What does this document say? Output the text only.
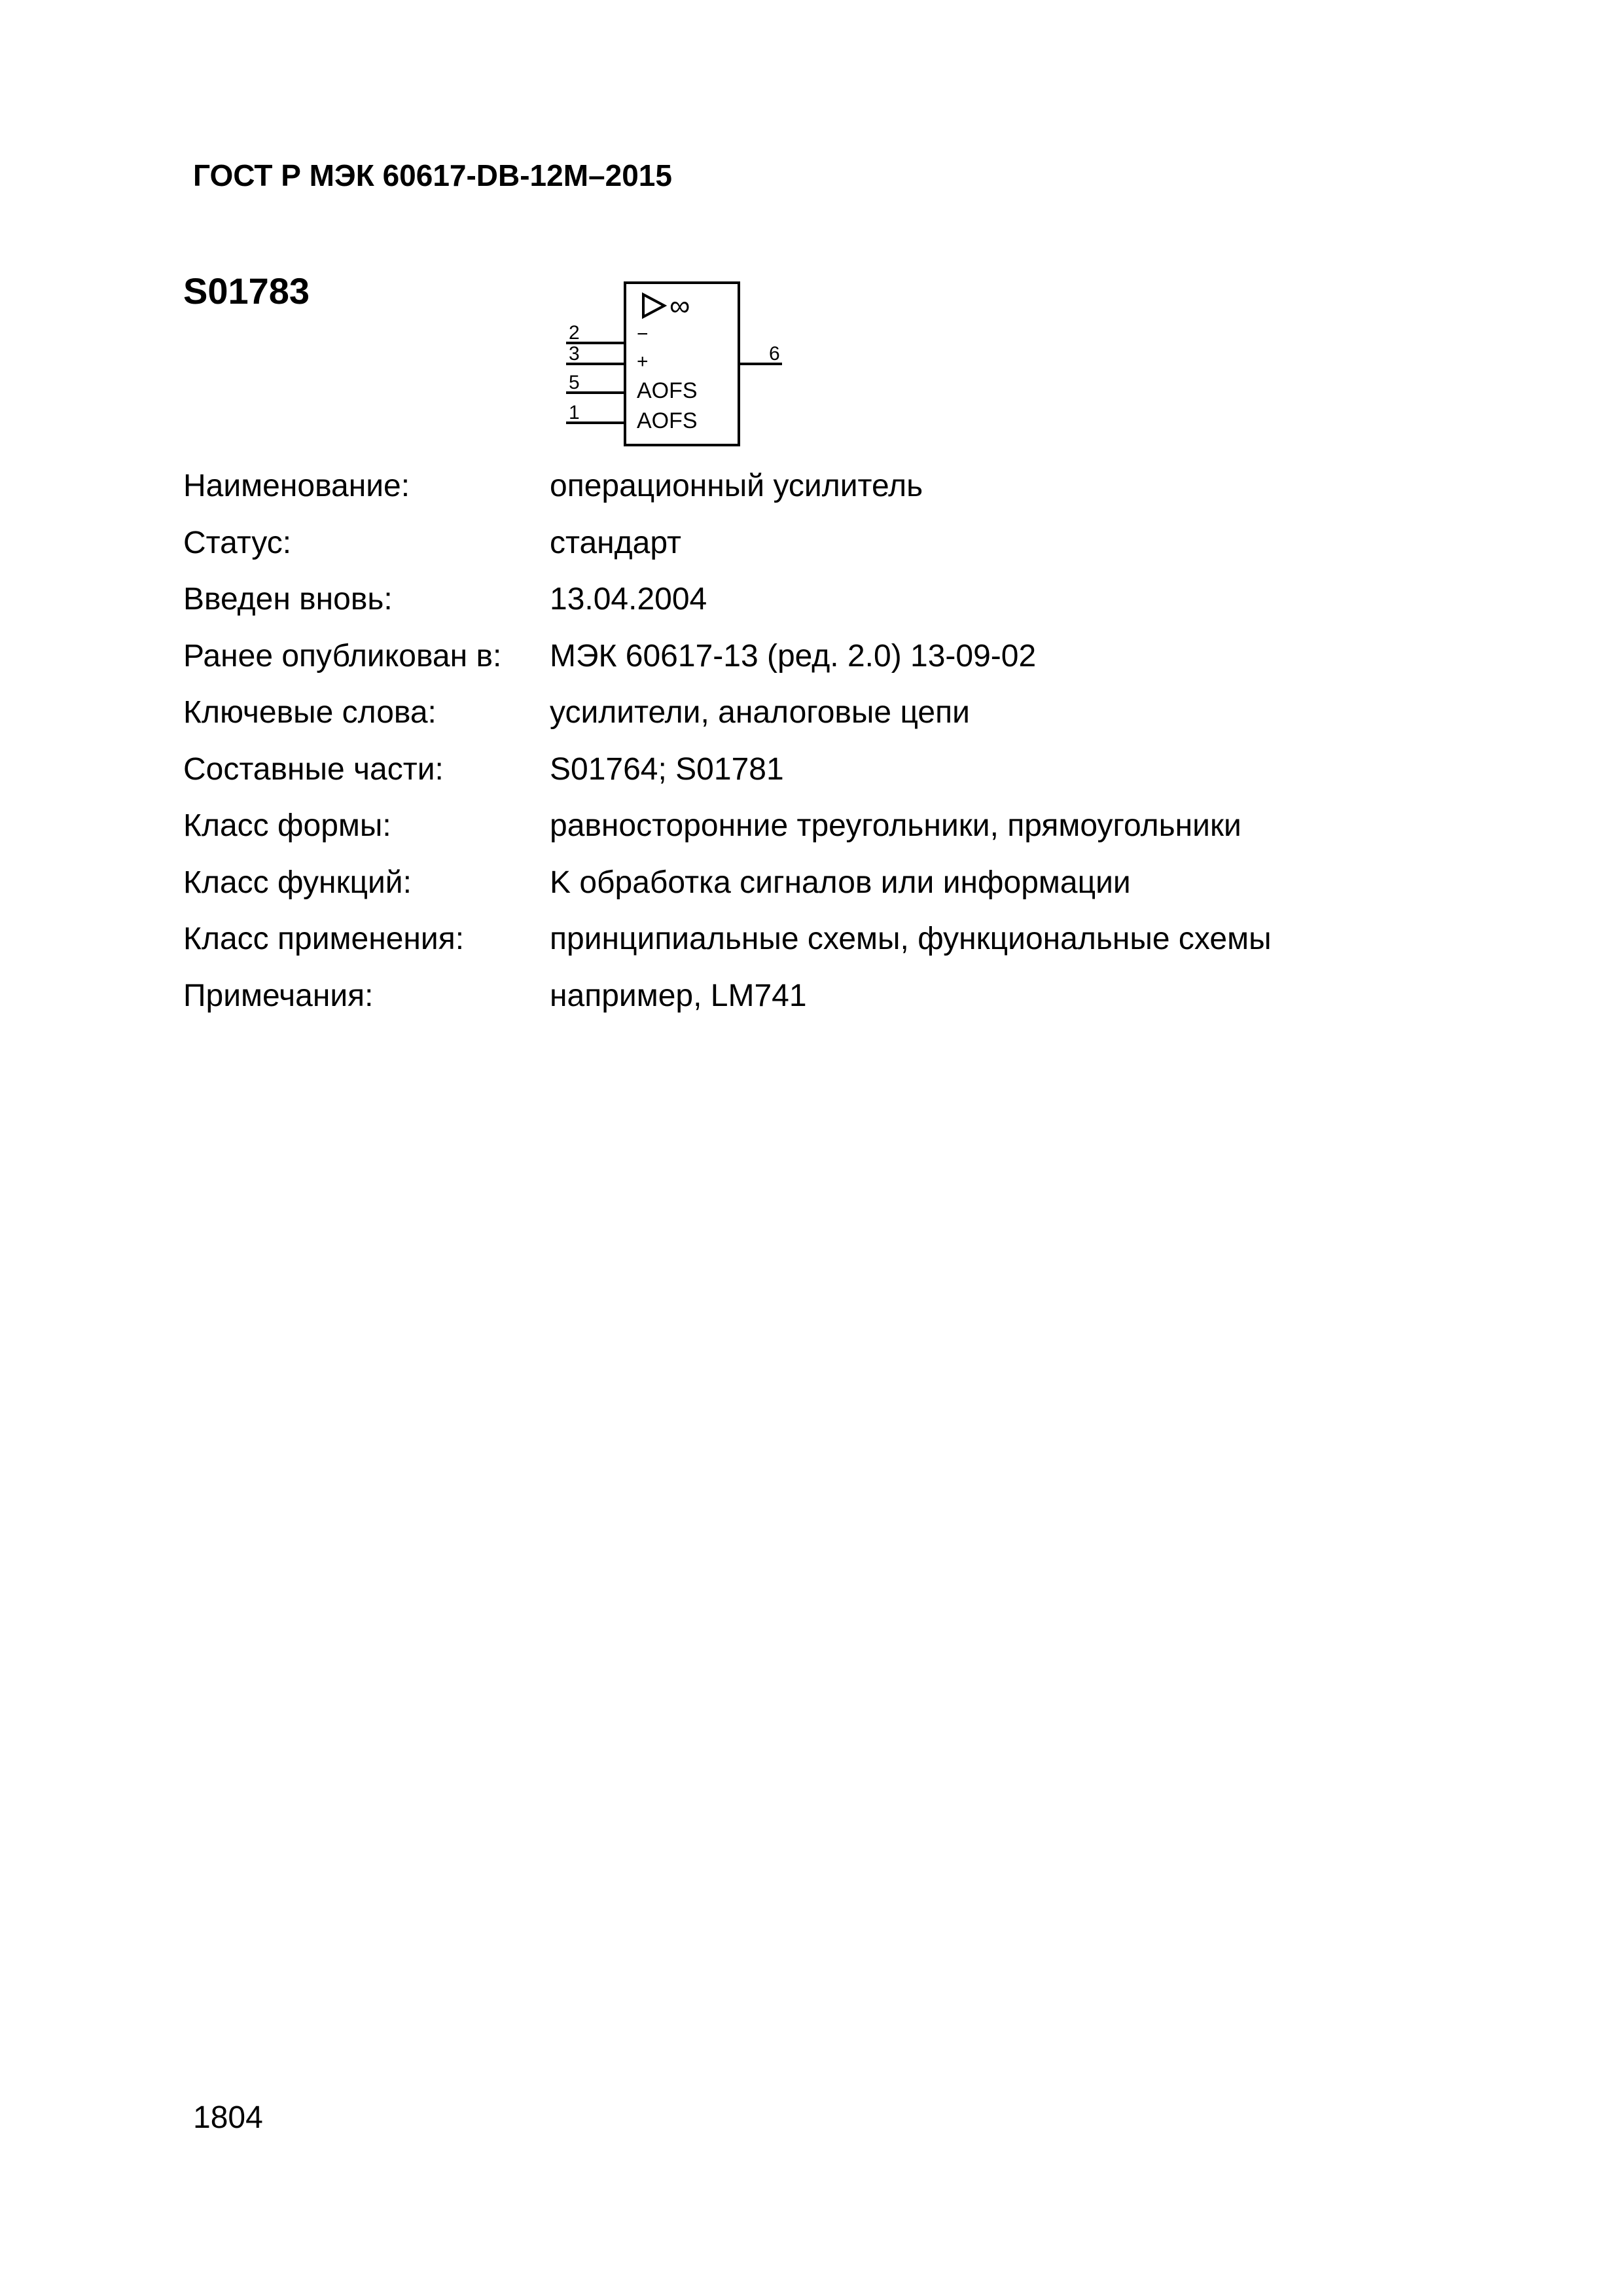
ГОСТ Р МЭК 60617-DB-12М–2015
S01783	∞
2
3
5
1
6
−
+
AOFS
AOFS
Наименование:	операционный усилитель
Статус:	стандарт
Введен вновь:	13.04.2004
Ранее опубликован в:	МЭК 60617-13 (ред. 2.0) 13-09-02
Ключевые слова:	усилители, аналоговые цепи
Составные части:	S01764; S01781
Класс формы:	равносторонние треугольники, прямоугольники
Класс функций:	K обработка сигналов или информации
Класс применения:	принципиальные схемы, функциональные схемы
Примечания:	например, LM741
1804
